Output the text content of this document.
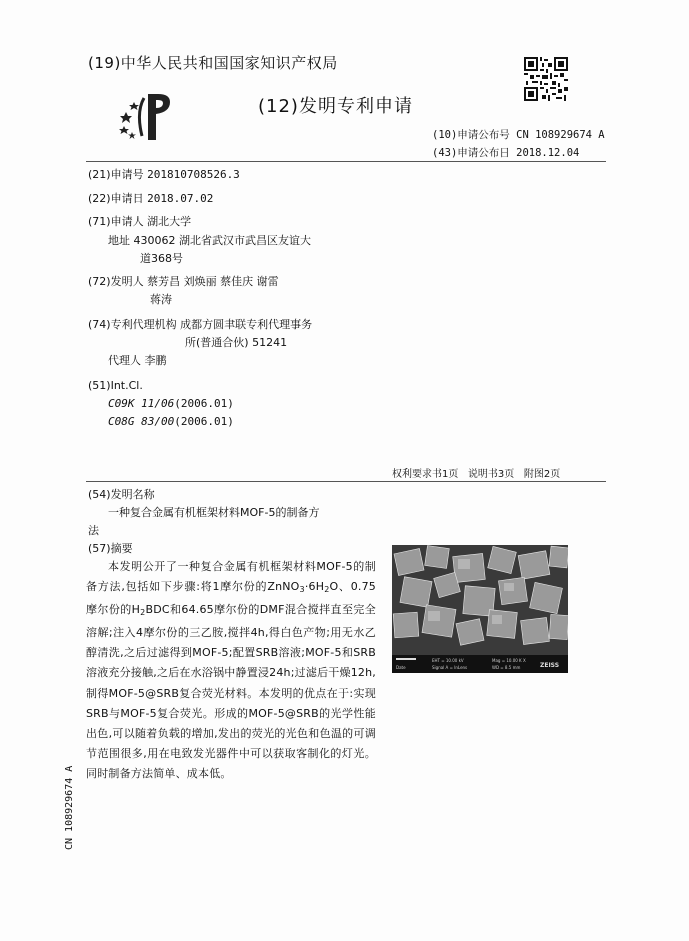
(19)中华人民共和国国家知识产权局
(12)发明专利申请
(10)申请公布号 CN 108929674 A
(43)申请公布日 2018.12.04
(21)申请号 201810708526.3
(22)申请日 2018.07.02
(71)申请人 湖北大学
地址 430062 湖北省武汉市武昌区友谊大
道368号
(72)发明人 蔡芳昌 刘焕丽 蔡佳庆 谢雷
蒋涛
(74)专利代理机构 成都方圆聿联专利代理事务
所(普通合伙) 51241
代理人 李鹏
(51)Int.Cl.
C09K 11/06(2006.01)
C08G 83/00(2006.01)
权利要求书1页 说明书3页 附图2页
(54)发明名称
一种复合金属有机框架材料MOF-5的制备方
法
(57)摘要
本发明公开了一种复合金属有机框架材料MOF-5的制备方法,包括如下步骤:将1摩尔份的$ZnNO_3\cdot 6H_2O$、0.75摩尔份的$H_2BDC$和64.65摩尔份的DMF混合搅拌直至完全溶解;注入4摩尔份的三乙胺,搅拌4h,得白色产物;用无水乙醇清洗,之后过滤得到MOF-5;配置SRB溶液;MOF-5和SRB溶液充分接触,之后在水浴锅中静置浸24h;过滤后干燥12h,制得MOF-5@SRB复合荧光材料。本发明的优点在于:实现SRB与MOF-5复合荧光。形成的MOF-5@SRB的光学性能出色,可以随着负载的增加,发出的荧光的光色和色温的可调节范围很多,用在电致发光器件中可以获取客制化的灯光。同时制备方法简单、成本低。
Date
EHT = 10.00 kV
Signal A = InLens
Mag = 10.00 K X
WD = 8.5 mm	ZEISS
CN 108929674 A
